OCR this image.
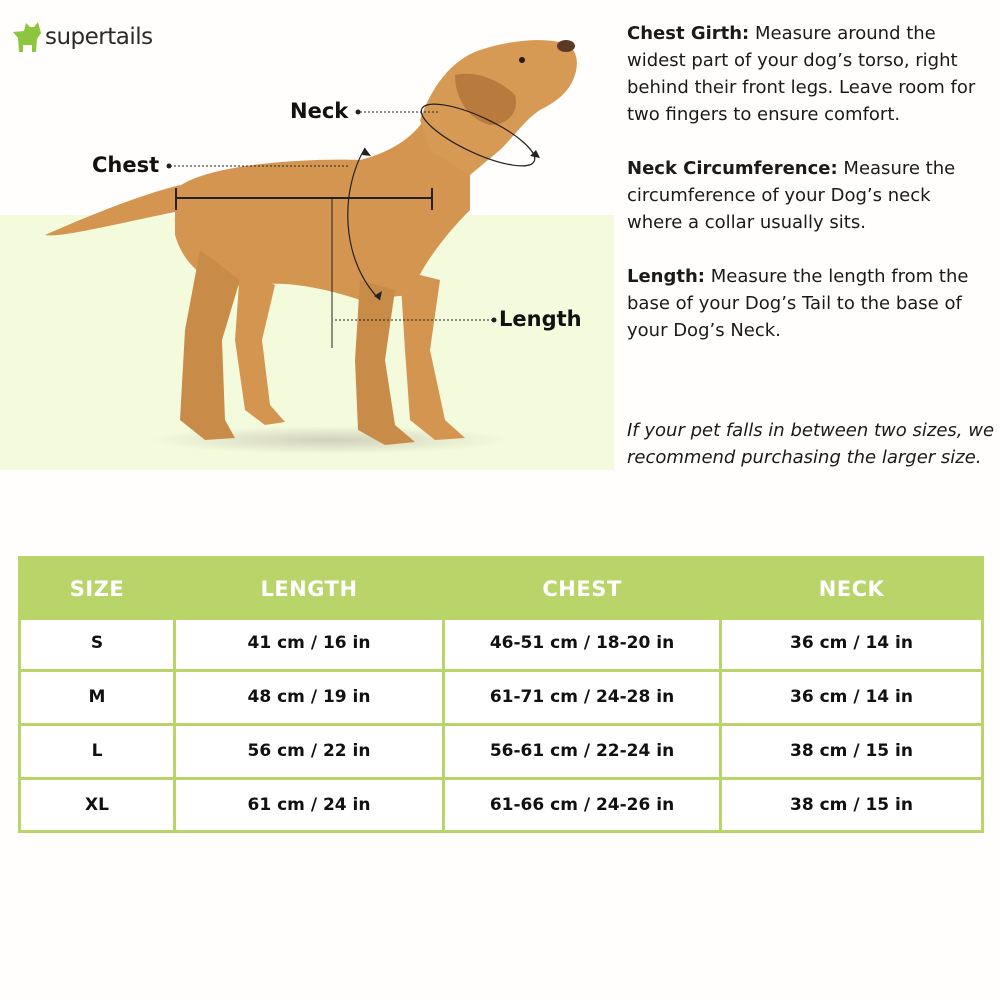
supertails
Neck
Chest
Length
Chest Girth: Measure around the widest part of your dog’s torso, right behind their front legs. Leave room for two fingers to ensure comfort.
Neck Circumference: Measure the circumference of your Dog’s neck where a collar usually sits.
Length: Measure the length from the base of your Dog’s Tail to the base of your Dog’s Neck.
If your pet falls in between two sizes, we recommend purchasing the larger size.
SIZE	LENGTH	CHEST	NECK
S	41 cm / 16 in	46-51 cm / 18-20 in	36 cm / 14 in
M	48 cm / 19 in	61-71 cm / 24-28 in	36 cm / 14 in
L	56 cm / 22 in	56-61 cm / 22-24 in	38 cm / 15 in
XL	61 cm / 24 in	61-66 cm / 24-26 in	38 cm / 15 in
